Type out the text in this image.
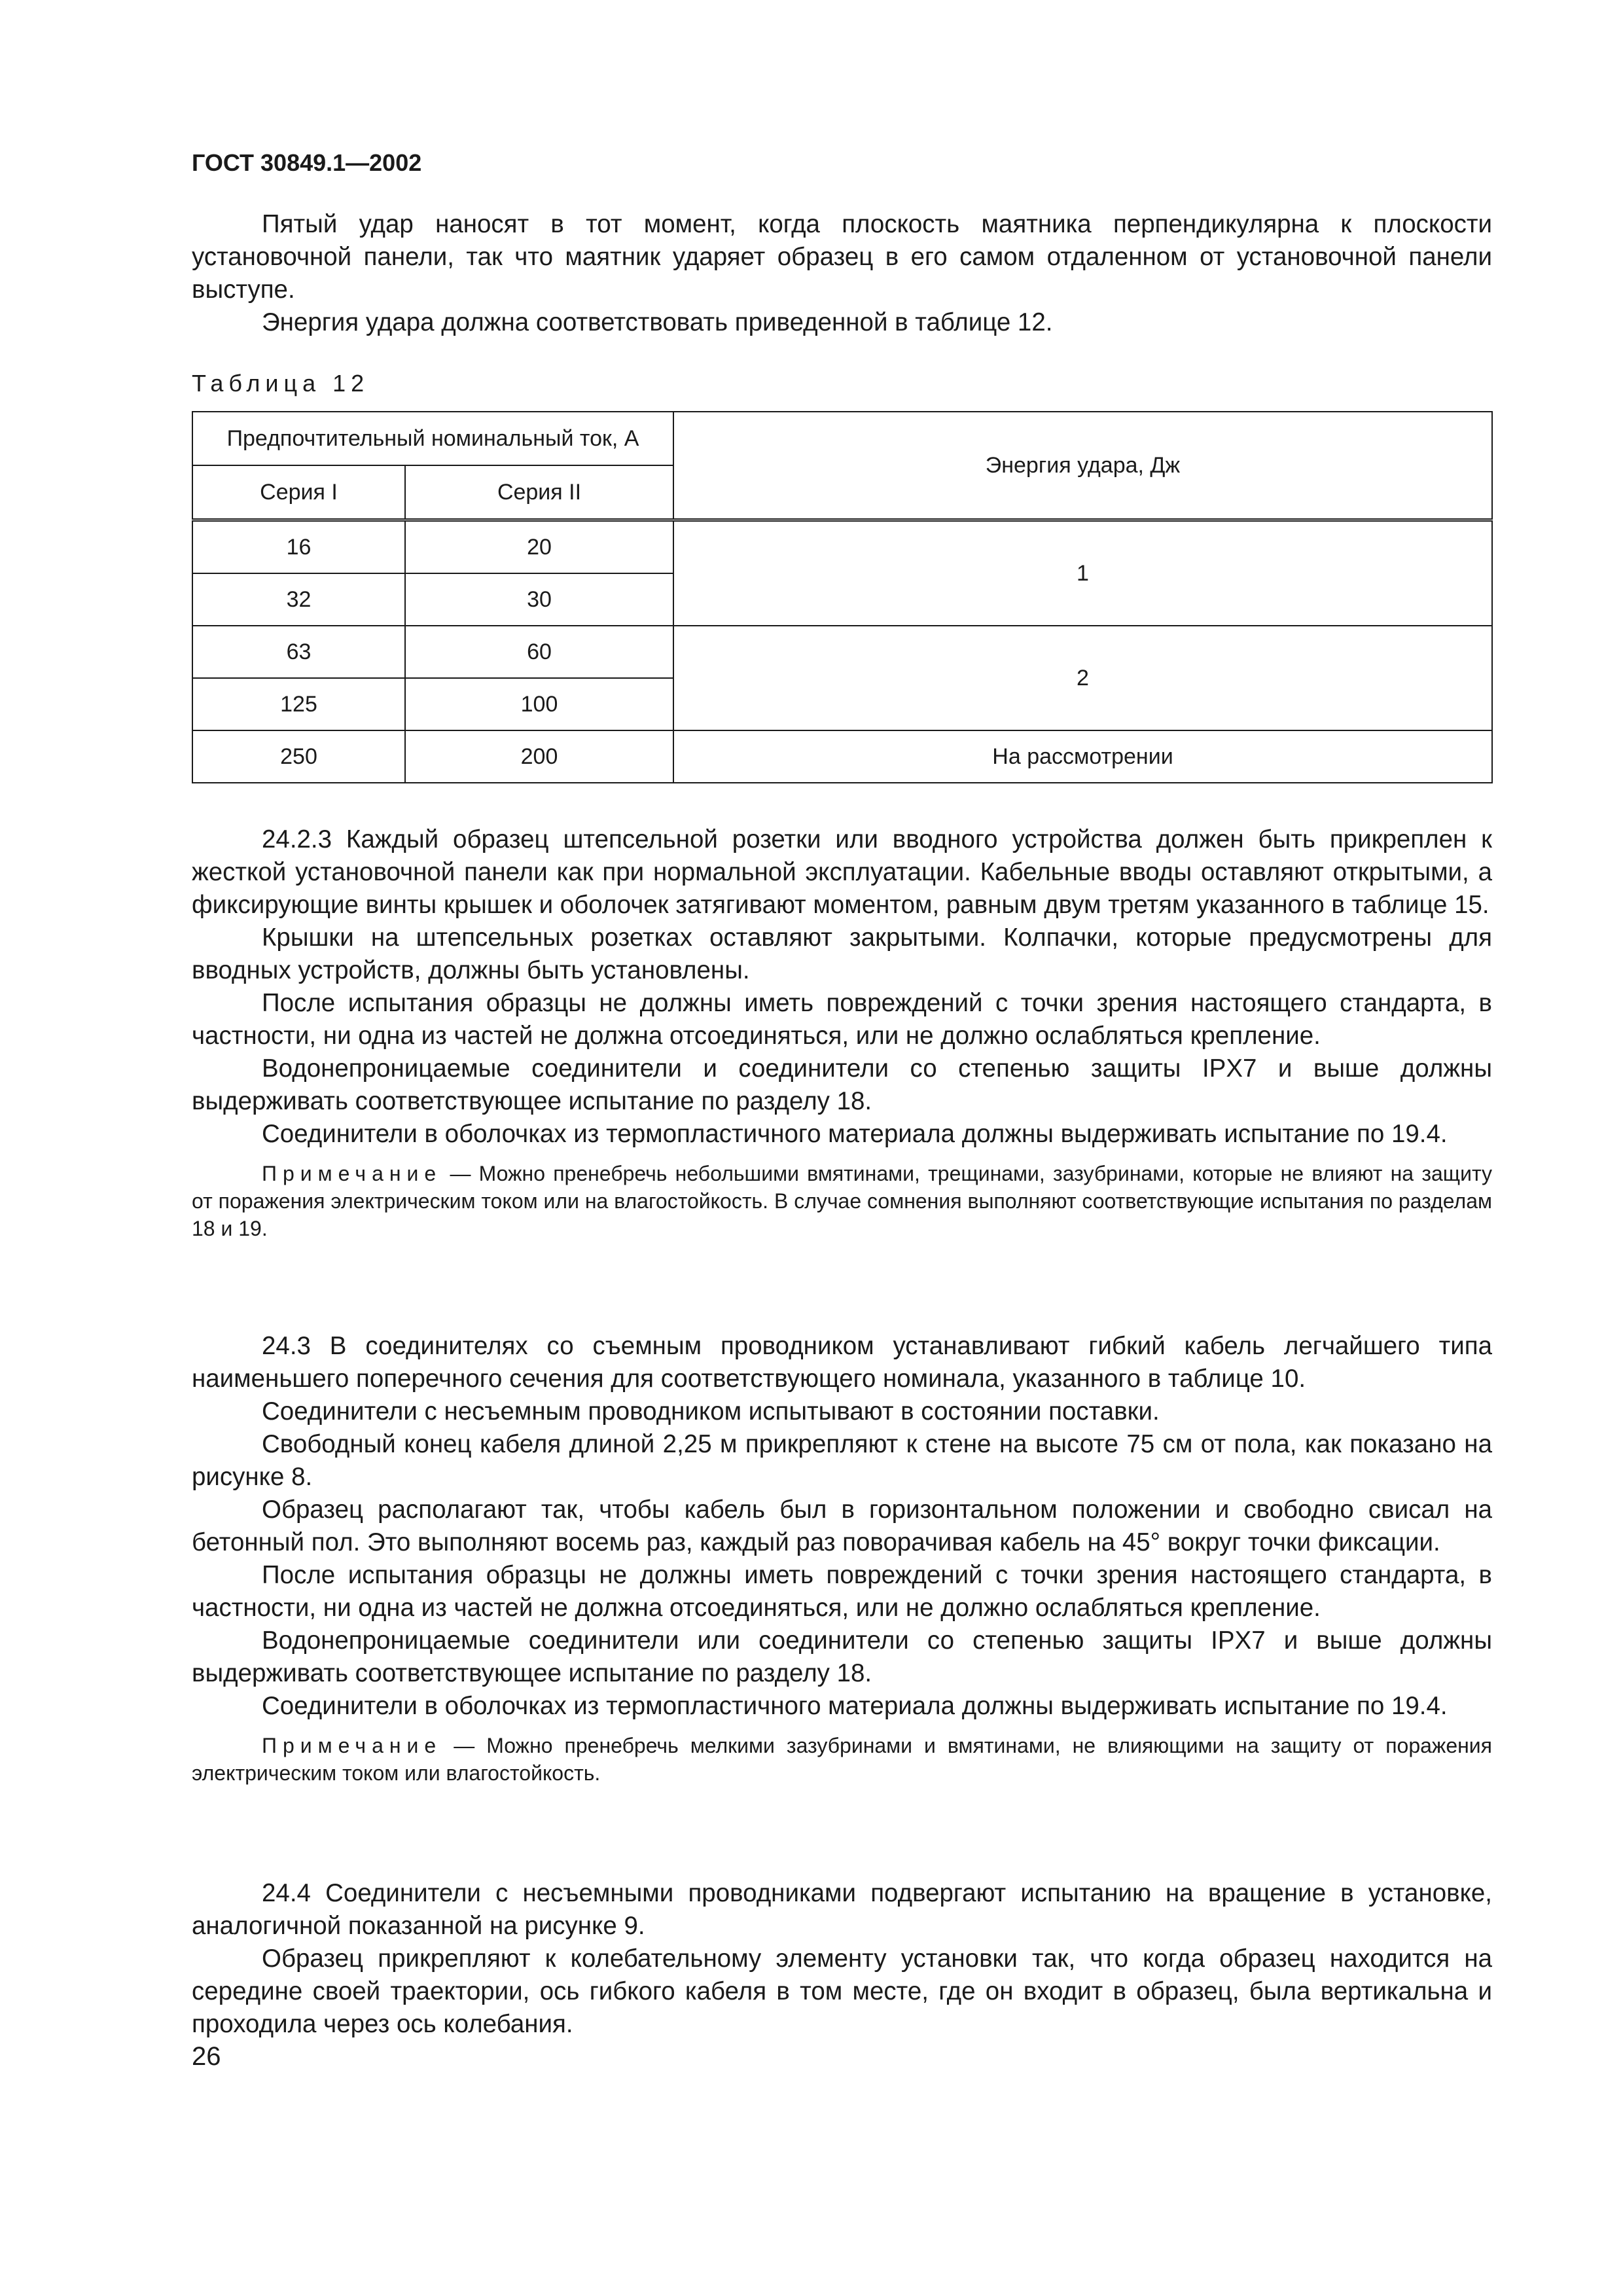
ГОСТ 30849.1—2002

Пятый удар наносят в тот момент, когда плоскость маятника перпендикулярна к плоскости установочной панели, так что маятник ударяет образец в его самом отдаленном от установочной панели выступе.

Энергия удара должна соответствовать приведенной в таблице 12.

Таблица 12
Предпочтительный номинальный ток, А		Энергия удара, Дж
Серия I	Серия II	
16	20	1
32	30	
63	60	2
125	100	
250	200	На рассмотрении

24.2.3 Каждый образец штепсельной розетки или вводного устройства должен быть прикреплен к жесткой установочной панели как при нормальной эксплуатации. Кабельные вводы оставляют открытыми, а фиксирующие винты крышек и оболочек затягивают моментом, равным двум третям указанного в таблице 15.

Крышки на штепсельных розетках оставляют закрытыми. Колпачки, которые предусмотрены для вводных устройств, должны быть установлены.

После испытания образцы не должны иметь повреждений с точки зрения настоящего стандарта, в частности, ни одна из частей не должна отсоединяться, или не должно ослабляться крепление.

Водонепроницаемые соединители и соединители со степенью защиты IPX7 и выше должны выдерживать соответствующее испытание по разделу 18.

Соединители в оболочках из термопластичного материала должны выдерживать испытание по 19.4.

Примечание — Можно пренебречь небольшими вмятинами, трещинами, зазубринами, которые не влияют на защиту от поражения электрическим током или на влагостойкость. В случае сомнения выполняют соответствующие испытания по разделам 18 и 19.

24.3 В соединителях со съемным проводником устанавливают гибкий кабель легчайшего типа наименьшего поперечного сечения для соответствующего номинала, указанного в таблице 10.

Соединители с несъемным проводником испытывают в состоянии поставки.

Свободный конец кабеля длиной 2,25 м прикрепляют к стене на высоте 75 см от пола, как показано на рисунке 8.

Образец располагают так, чтобы кабель был в горизонтальном положении и свободно свисал на бетонный пол. Это выполняют восемь раз, каждый раз поворачивая кабель на 45° вокруг точки фиксации.

После испытания образцы не должны иметь повреждений с точки зрения настоящего стандарта, в частности, ни одна из частей не должна отсоединяться, или не должно ослабляться крепление.

Водонепроницаемые соединители или соединители со степенью защиты IPX7 и выше должны выдерживать соответствующее испытание по разделу 18.

Соединители в оболочках из термопластичного материала должны выдерживать испытание по 19.4.

Примечание — Можно пренебречь мелкими зазубринами и вмятинами, не влияющими на защиту от поражения электрическим током или влагостойкость.

24.4 Соединители с несъемными проводниками подвергают испытанию на вращение в установке, аналогичной показанной на рисунке 9.

Образец прикрепляют к колебательному элементу установки так, что когда образец находится на середине своей траектории, ось гибкого кабеля в том месте, где он входит в образец, была вертикальна и проходила через ось колебания.

26
